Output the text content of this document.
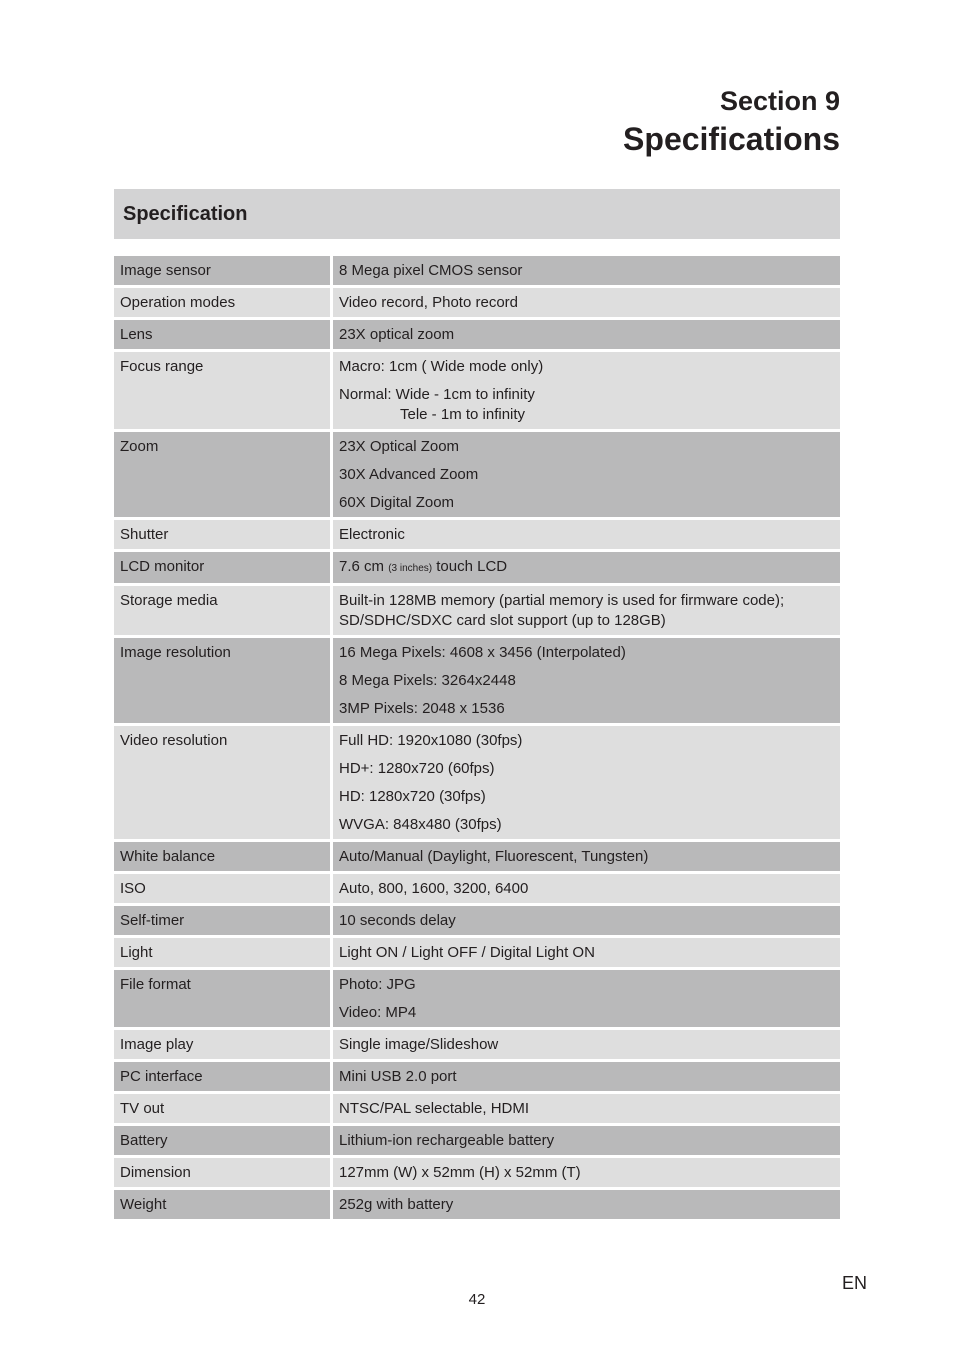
Section 9
Specifications
Specification
Image sensor	8 Mega pixel CMOS sensor

Operation modes	Video record, Photo record

Lens	23X optical zoom

Focus range	Macro: 1cm ( Wide mode only)
Normal: Wide - 1cm to infinity
Tele - 1m to infinity

Zoom	23X Optical Zoom
30X Advanced Zoom
60X Digital Zoom

Shutter	Electronic

LCD monitor	7.6 cm (3 inches) touch LCD
Storage media	Built-in 128MB memory (partial memory is used for firmware code);
SD/SDHC/SDXC card slot support (up to 128GB)

Image resolution	16 Mega Pixels: 4608 x 3456 (Interpolated)
8 Mega Pixels: 3264x2448
3MP Pixels: 2048 x 1536

Video resolution	Full HD: 1920x1080 (30fps)
HD+: 1280x720 (60fps)
HD: 1280x720 (30fps)
WVGA: 848x480 (30fps)

White balance	Auto/Manual (Daylight, Fluorescent, Tungsten)

ISO	Auto, 800, 1600, 3200, 6400

Self-timer	10 seconds delay

Light	Light ON / Light OFF / Digital Light ON

File format	Photo: JPG
Video: MP4

Image play	Single image/Slideshow

PC interface	Mini USB 2.0 port

TV out	NTSC/PAL selectable, HDMI

Battery	Lithium-ion rechargeable battery

Dimension	127mm (W) x 52mm (H) x 52mm (T)

Weight	252g with battery
EN
42
